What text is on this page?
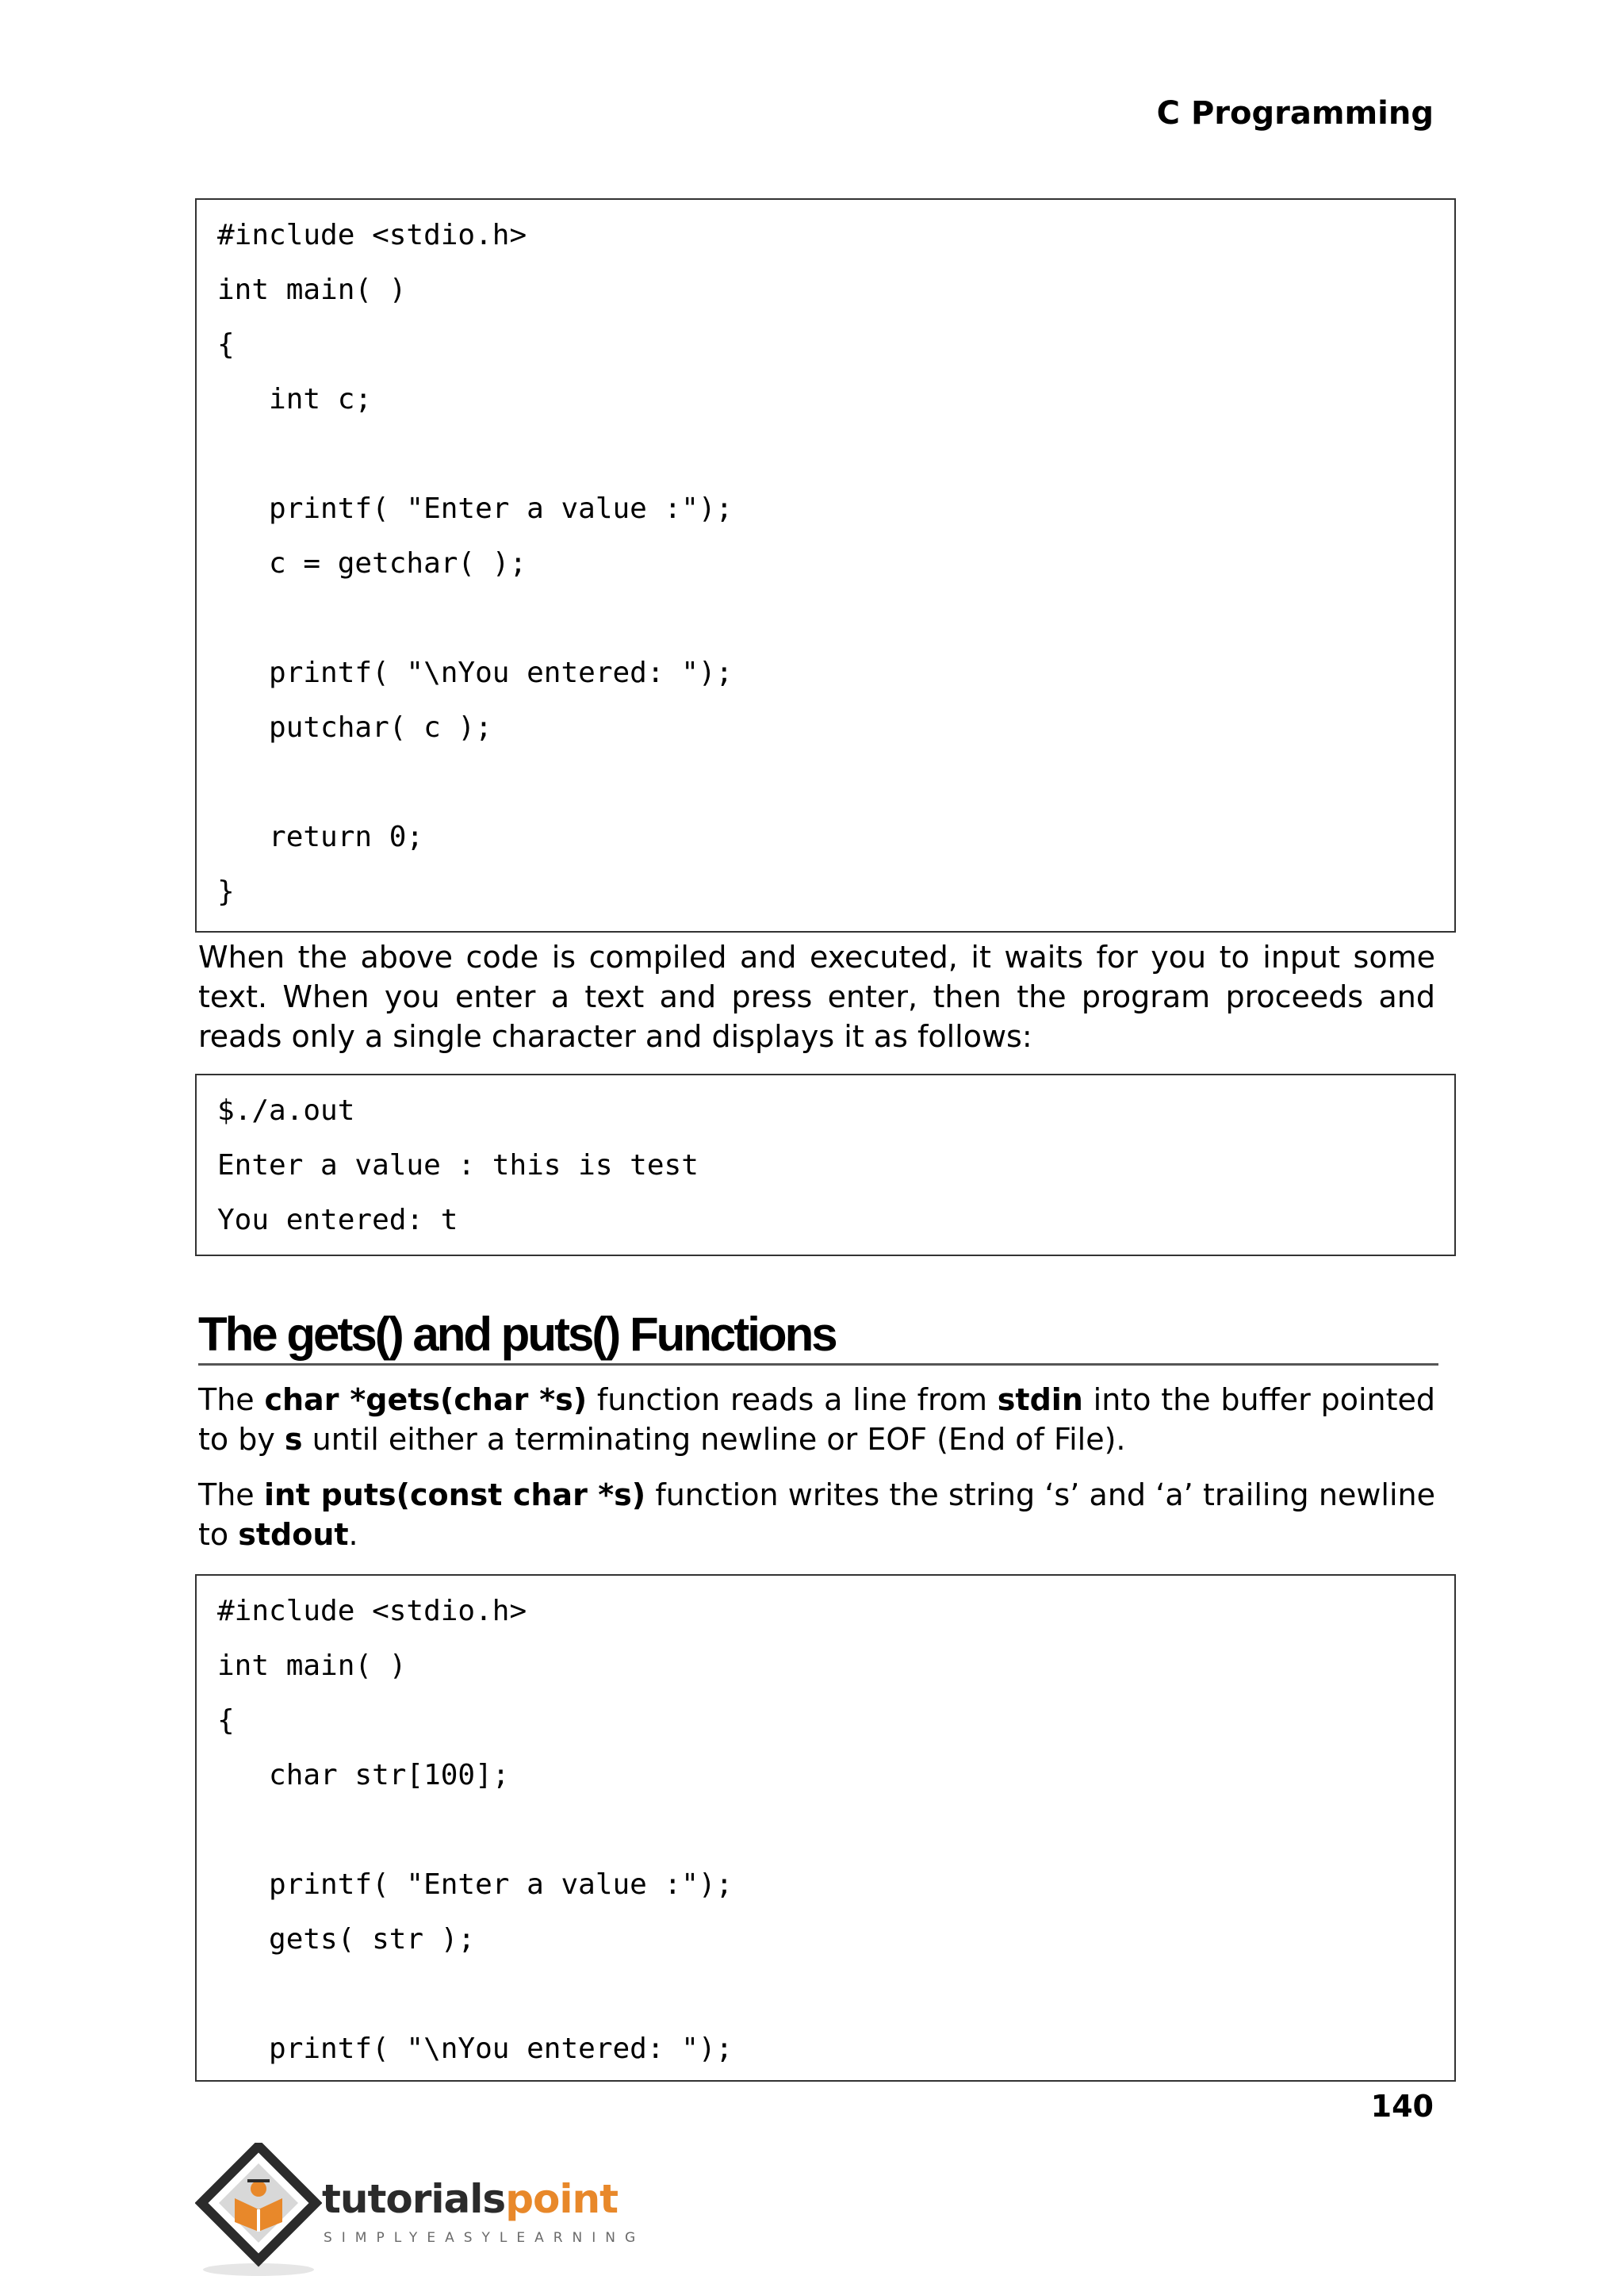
C Programming
#include <stdio.h>
int main( )
{
int c;
printf( "Enter a value :");
c = getchar( );
printf( "\nYou entered: ");
putchar( c );
return 0;
}

When the above code is compiled and executed, it waits for you to input some text. When you enter a text and press enter, then the program proceeds and reads only a single character and displays it as follows:

$./a.out
Enter a value : this is test
You entered: t
The gets() and puts() Functions

The char *gets(char *s) function reads a line from stdin into the buffer pointed to by s until either a terminating newline or EOF (End of File).

The int puts(const char *s) function writes the string ‘s’ and ‘a’ trailing newline to stdout.

#include <stdio.h>
int main( )
{
char str[100];
printf( "Enter a value :");
gets( str );
printf( "\nYou entered: ");
140
tutorialspoint
SIMPLYEASYLEARNING
